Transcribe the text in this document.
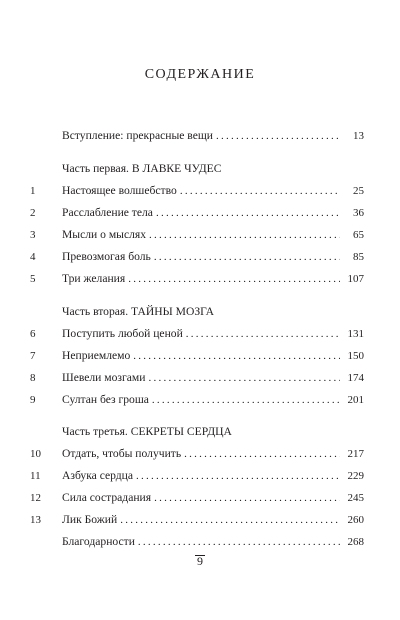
СОДЕРЖАНИЕ
Вступление: прекрасные вещи . . .	13
Часть первая. В ЛАВКЕ ЧУДЕС
1	Настоящее волшебство . . .	25
2	Расслабление тела . . .	36
3	Мысли о мыслях . . .	65
4	Превозмогая боль . . .	85
5	Три желания . . .	107
Часть вторая. ТАЙНЫ МОЗГА
6	Поступить любой ценой . . .	131
7	Неприемлемо . . .	150
8	Шевели мозгами . . .	174
9	Султан без гроша . . .	201
Часть третья. СЕКРЕТЫ СЕРДЦА
10	Отдать, чтобы получить . . .	217
11	Азбука сердца . . .	229
12	Сила сострадания . . .	245
13	Лик Божий . . .	260
Благодарности . . .	268
9
